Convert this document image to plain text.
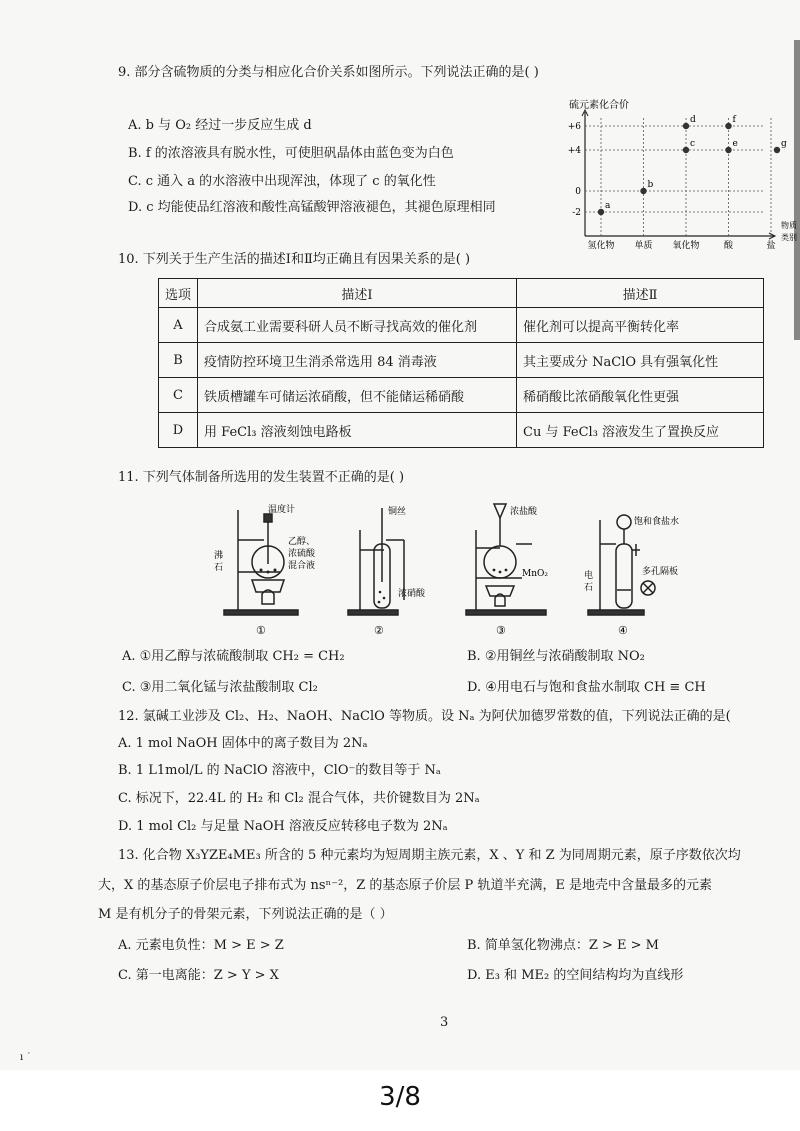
9. 部分含硫物质的分类与相应化合价关系如图所示。下列说法正确的是( )
A. b 与 O₂ 经过一步反应生成 d
B. f 的浓溶液具有脱水性，可使胆矾晶体由蓝色变为白色
C. c 通入 a 的水溶液中出现浑浊，体现了 c 的氧化性
D. c 均能使品红溶液和酸性高锰酸钾溶液褪色，其褪色原理相同
硫元素化合价
+6
+4
0
-2
氢化物 单质 氧化物	酸	盐
物质
类别
a
b
c
d
e
f
g
10. 下列关于生产生活的描述Ⅰ和Ⅱ均正确且有因果关系的是( )
选项	描述Ⅰ	描述Ⅱ
A	合成氨工业需要科研人员不断寻找高效的催化剂	催化剂可以提高平衡转化率
B	疫情防控环境卫生消杀常选用 84 消毒液	其主要成分 NaClO 具有强氧化性
C	铁质槽罐车可储运浓硝酸，但不能储运稀硝酸	稀硝酸比浓硝酸氧化性更强
D	用 FeCl₃ 溶液刻蚀电路板	Cu 与 FeCl₃ 溶液发生了置换反应
11. 下列气体制备所选用的发生装置不正确的是( )
温度计
沸
石
乙醇、
浓硫酸
混合液
①
铜丝
浓硝酸
②
浓盐酸
MnO₂
③
饱和食盐水
电
石
多孔隔板
④
A. ①用乙醇与浓硫酸制取 CH₂ = CH₂	B. ②用铜丝与浓硝酸制取 NO₂
C. ③用二氧化锰与浓盐酸制取 Cl₂	D. ④用电石与饱和食盐水制取 CH ≡ CH
12. 氯碱工业涉及 Cl₂、H₂、NaOH、NaClO 等物质。设 Nₐ 为阿伏加德罗常数的值，下列说法正确的是(
A. 1 mol NaOH 固体中的离子数目为 2Nₐ
B. 1 L1mol/L 的 NaClO 溶液中，ClO⁻的数目等于 Nₐ
C. 标况下，22.4L 的 H₂ 和 Cl₂ 混合气体，共价键数目为 2Nₐ
D. 1 mol Cl₂ 与足量 NaOH 溶液反应转移电子数为 2Nₐ
13. 化合物 X₃YZE₄ME₃ 所含的 5 种元素均为短周期主族元素，X 、Y 和 Z 为同周期元素，原子序数依次均
大，X 的基态原子价层电子排布式为 nsⁿ⁻²，Z 的基态原子价层 P 轨道半充满，E 是地壳中含量最多的元素
M 是有机分子的骨架元素，下列说法正确的是（ ）
A. 元素电负性：M > E > Z	B. 简单氢化物沸点：Z > E > M
C. 第一电离能：Z > Y > X	D. E₃ 和 ME₂ 的空间结构均为直线形
3
ı ˙
3/8
